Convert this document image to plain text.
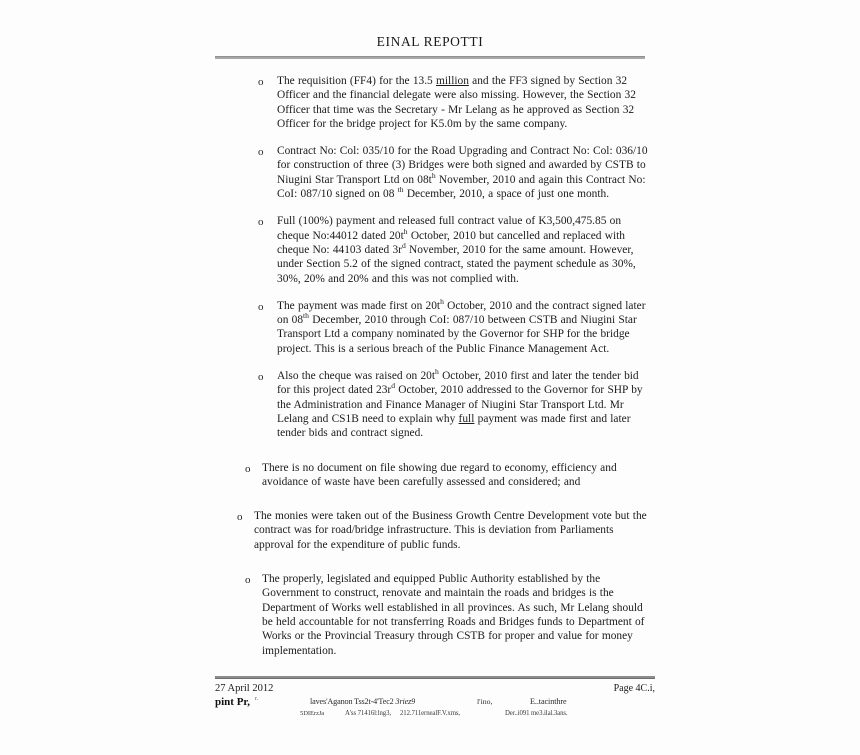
EINAL REPOTTI
o	The requisition (FF4) for the 13.5 million and the FF3 signed by Section 32 Officer and the financial delegate were also missing. However, the Section 32 Officer that time was the Secretary - Mr Lelang as he approved as Section 32 Officer for the bridge project for K5.0m by the same company.
o	Contract No: Col: 035/10 for the Road Upgrading and Contract No: Col: 036/10 for construction of three (3) Bridges were both signed and awarded by CSTB to Niugini Star Transport Ltd on $08t^h$ November, 2010 and again this Contract No: CoI: 087/10 signed on 08 $^{th}$ December, 2010, a space of just one month.
o	Full (100%) payment and released full contract value of K3,500,475.85 on cheque No:44012 dated $20t^h$ October, 2010 but cancelled and replaced with cheque No: 44103 dated $3r^d$ November, 2010 for the same amount. However, under Section 5.2 of the signed contract, stated the payment schedule as 30%, 30%, 20% and 20% and this was not complied with.
o	The payment was made first on $20t^h$ October, 2010 and the contract signed later on 08th December, 2010 through CoI: 087/10 between CSTB and Niugini Star Transport Ltd a company nominated by the Governor for SHP for the bridge project. This is a serious breach of the Public Finance Management Act.
o	Also the cheque was raised on $20t^h$ October, 2010 first and later the tender bid for this project dated $23r^d$ October, 2010 addressed to the Governor for SHP by the Administration and Finance Manager of Niugini Star Transport Ltd. Mr Lelang and CS1B need to explain why full payment was made first and later tender bids and contract signed.
o	There is no document on file showing due regard to economy, efficiency and avoidance of waste have been carefully assessed and considered; and
o	The monies were taken out of the Business Growth Centre Development vote but the contract was for road/bridge infrastructure. This is deviation from Parliaments approval for the expenditure of public funds.
o	The properly, legislated and equipped Public Authority established by the Government to construct, renovate and maintain the roads and bridges is the Department of Works well established in all provinces. As such, Mr Lelang should be held accountable for not transferring Roads and Bridges funds to Department of Works or the Provincial Treasury through CSTB for proper and value for money implementation.
27 April 2012	Page 4C.i,
pint Pr, $^{r.}$	laves'Aganon Tss2t-4'Tec2 3riez9	l'ino,	E..tacinthre
5DIErzJa	A'ss 71416l:lng3, 212.711ernealF.V.xms,	Der..i091 me3.ilal.3ans.
